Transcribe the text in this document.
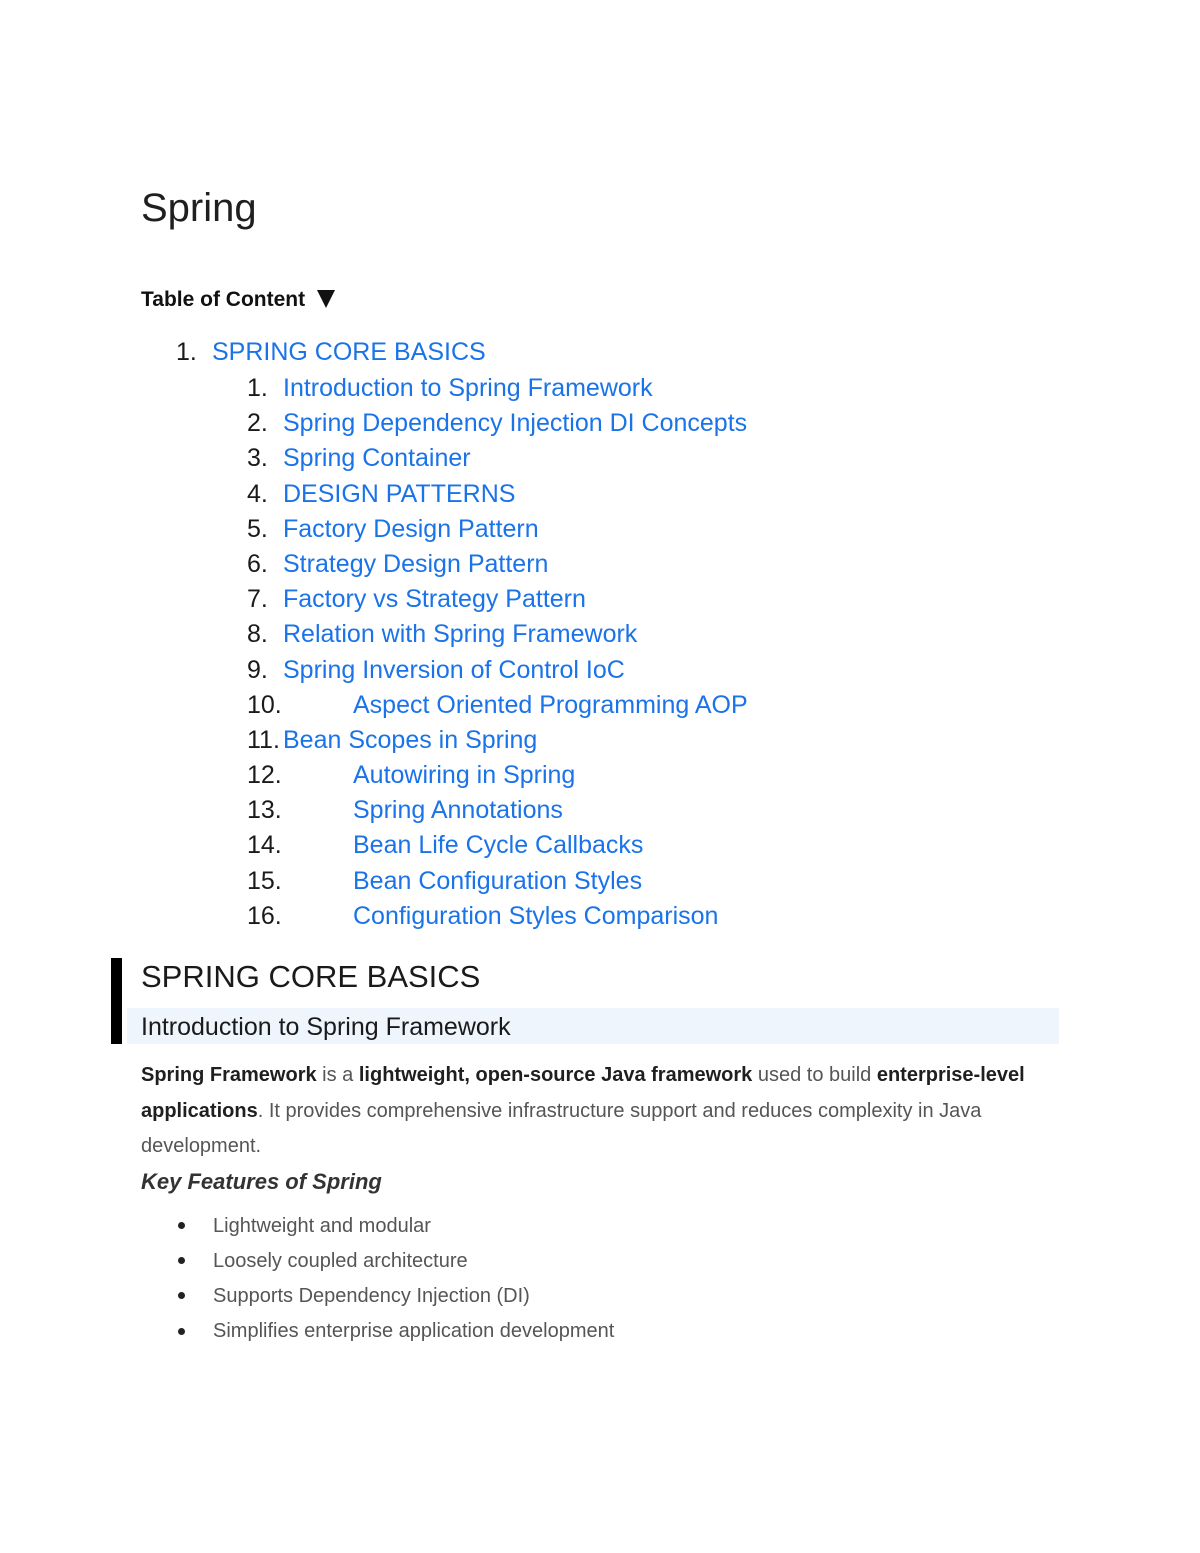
Spring
Table of Content
1. SPRING CORE BASICS
1. Introduction to Spring Framework
2. Spring Dependency Injection DI Concepts
3. Spring Container
4. DESIGN PATTERNS
5. Factory Design Pattern
6. Strategy Design Pattern
7. Factory vs Strategy Pattern
8. Relation with Spring Framework
9. Spring Inversion of Control IoC
10.	Aspect Oriented Programming AOP
11. Bean Scopes in Spring
12.	Autowiring in Spring
13.	Spring Annotations
14.	Bean Life Cycle Callbacks
15.	Bean Configuration Styles
16.	Configuration Styles Comparison
SPRING CORE BASICS
Introduction to Spring Framework

Spring Framework is a lightweight, open-source Java framework used to build enterprise-level applications. It provides comprehensive infrastructure support and reduces complexity in Java development.

Key Features of Spring
Lightweight and modular
Loosely coupled architecture
Supports Dependency Injection (DI)
Simplifies enterprise application development
